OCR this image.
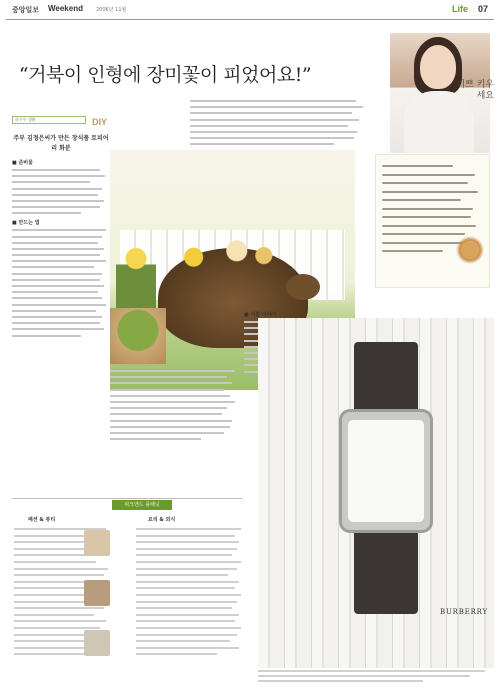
중앙일보 Weekend	2006년 11월	Life 07
“거북이 인형에 장미꽃이 피었어요!”	이쁘 키우세요
하우투 생활	DIY
주부 김정은씨가 만든 장식품 토피어리 화분
■ 준비물
■ 만드는 법
■ 식물 이야기
위크엔드 플래닛
패션 & 뷰티	요리 & 외식
BURBERRY
